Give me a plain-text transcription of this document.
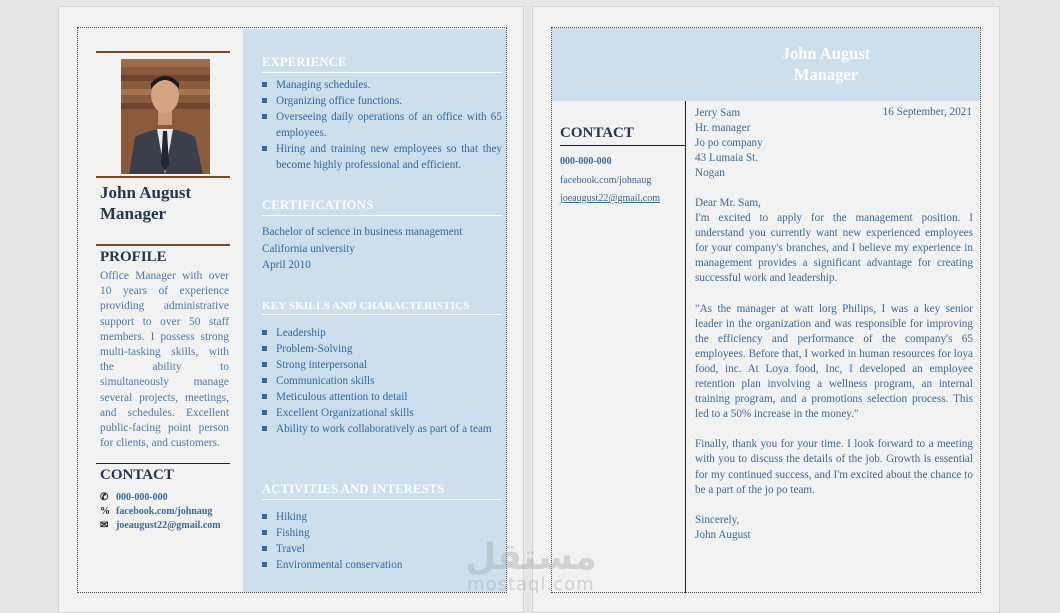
John August
Manager
PROFILE
Office Manager with over 10 years of experience providing administrative support to over 50 staff members. I possess strong multi-tasking skills, with the ability to simultaneously manage several projects, meetings, and schedules. Excellent public-facing point person for clients, and customers.
CONTACT
✆ 000-000-000
% facebook.com/johnaug
✉ joeaugust22@gmail.com
EXPERIENCE
Managing schedules.
Organizing office functions.
Overseeing daily operations of an office with 65 employees.
Hiring and training new employees so that they become highly professional and efficient.
CERTIFICATIONS
Bachelor of science in business management
California university
April 2010
KEY SKILLS AND CHARACTERISTICS
Leadership
Problem-Solving
Strong interpersonal
Communication skills
Meticulous attention to detail
Excellent Organizational skills
Ability to work collaboratively as part of a team
ACTIVITIES AND INTERESTS
Hiking
Fishing
Travel
Environmental conservation
John August
Manager
CONTACT
000-000-000
facebook.com/johnaug
joeaugust22@gmail.com
16 September, 2021
Jerry Sam
Hr. manager
Jo po company
43 Lumaia St.
Nogan
Dear Mr. Sam,
I'm excited to apply for the management position. I understand you currently want new experienced employees for your company's branches, and I believe my experience in management provides a significant advantage for creating successful work and leadership.
"As the manager at watt lorg Philips, I was a key senior leader in the organization and was responsible for improving the efficiency and performance of the company's 65 employees. Before that, I worked in human resources for loya food, inc. At Loya food, Inc, I developed an employee retention plan involving a wellness program, an internal training program, and a promotions selection process. This led to a 50% increase in the money."
Finally, thank you for your time. I look forward to a meeting with you to discuss the details of the job. Growth is essential for my continued success, and I'm excited about the chance to be a part of the jo po team.
Sincerely,
John August
مستقل
mostaql.com
